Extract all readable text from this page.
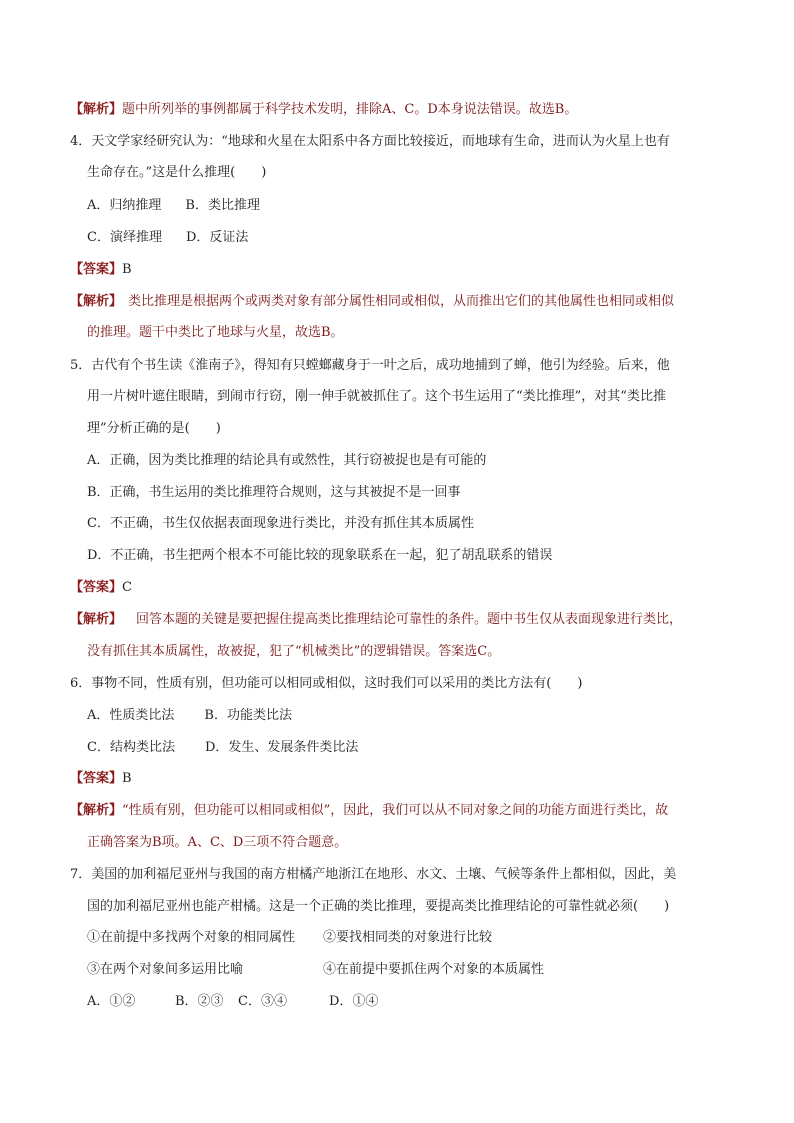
【解析】题中所列举的事例都属于科学技术发明，排除A、C。D本身说法错误。故选B。
4．天文学家经研究认为：“地球和火星在太阳系中各方面比较接近，而地球有生命，进而认为火星上也有
生命存在。”这是什么推理(　　)
A．归纳推理 B．类比推理
C．演绎推理 D．反证法
【答案】B
【解析】 类比推理是根据两个或两类对象有部分属性相同或相似，从而推出它们的其他属性也相同或相似
的推理。题干中类比了地球与火星，故选B。
5．古代有个书生读《淮南子》，得知有只螳螂藏身于一叶之后，成功地捕到了蝉，他引为经验。后来，他
用一片树叶遮住眼睛，到闹市行窃，刚一伸手就被抓住了。这个书生运用了“类比推理”，对其“类比推
理”分析正确的是(　　)
A．正确，因为类比推理的结论具有或然性，其行窃被捉也是有可能的
B．正确，书生运用的类比推理符合规则，这与其被捉不是一回事
C．不正确，书生仅依据表面现象进行类比，并没有抓住其本质属性
D．不正确，书生把两个根本不可能比较的现象联系在一起，犯了胡乱联系的错误
【答案】C
【解析】 回答本题的关键是要把握住提高类比推理结论可靠性的条件。题中书生仅从表面现象进行类比，
没有抓住其本质属性，故被捉，犯了“机械类比”的逻辑错误。答案选C。
6．事物不同，性质有别，但功能可以相同或相似，这时我们可以采用的类比方法有(　　)
A．性质类比法 B．功能类比法
C．结构类比法 D．发生、发展条件类比法
【答案】B
【解析】“性质有别，但功能可以相同或相似”，因此，我们可以从不同对象之间的功能方面进行类比，故
正确答案为B项。A、C、D三项不符合题意。
7．美国的加利福尼亚州与我国的南方柑橘产地浙江在地形、水文、土壤、气候等条件上都相似，因此，美
国的加利福尼亚州也能产柑橘。这是一个正确的类比推理，要提高类比推理结论的可靠性就必须(　　)
①在前提中多找两个对象的相同属性 ②要找相同类的对象进行比较
③在两个对象间多运用比喻	④在前提中要抓住两个对象的本质属性
A．①②	B．②③ C．③④	D．①④
